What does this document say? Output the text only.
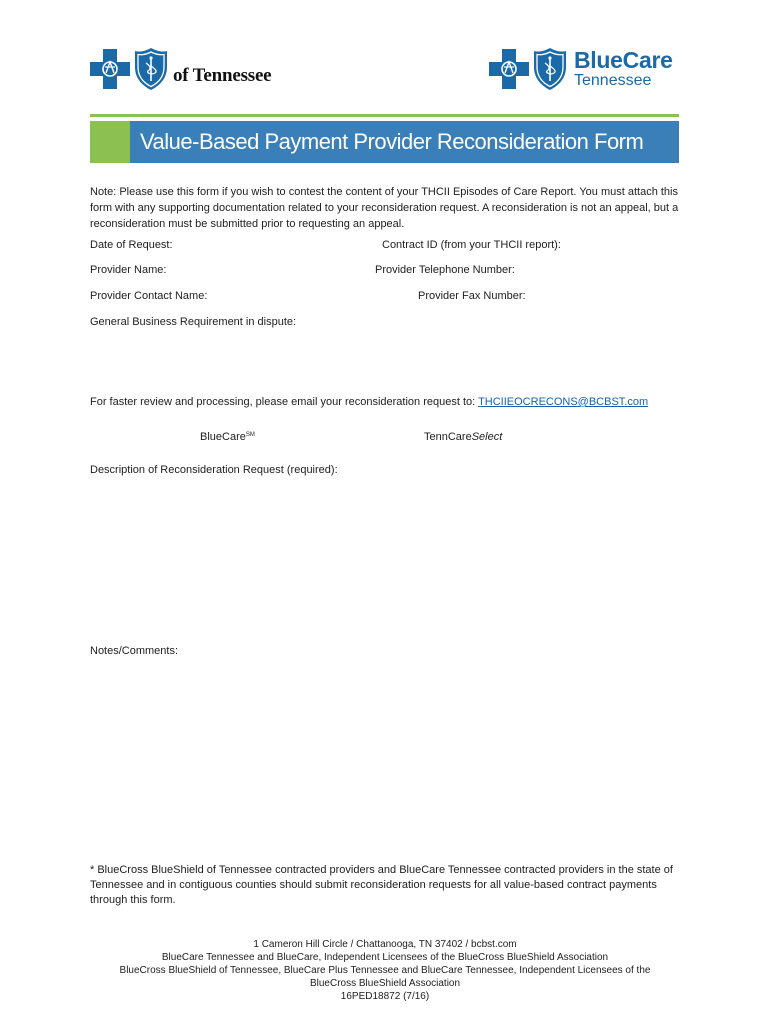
of Tennessee
BlueCare
Tennessee
Value-Based Payment Provider Reconsideration Form
Note: Please use this form if you wish to contest the content of your THCII Episodes of Care Report. You must attach this form with any supporting documentation related to your reconsideration request. A reconsideration is not an appeal, but a reconsideration must be submitted prior to requesting an appeal.
Date of Request:	Contract ID (from your THCII report):
Provider Name:	Provider Telephone Number:
Provider Contact Name:	Provider Fax Number:
General Business Requirement in dispute:
For faster review and processing, please email your reconsideration request to: THCIIEOCRECONS@BCBST.com
BlueCare℠	TennCareSelect
Description of Reconsideration Request (required):
Notes/Comments:
* BlueCross BlueShield of Tennessee contracted providers and BlueCare Tennessee contracted providers in the state of Tennessee and in contiguous counties should submit reconsideration requests for all value-based contract payments through this form.
1 Cameron Hill Circle / Chattanooga, TN 37402 / bcbst.com
BlueCare Tennessee and BlueCare, Independent Licensees of the BlueCross BlueShield Association
BlueCross BlueShield of Tennessee, BlueCare Plus Tennessee and BlueCare Tennessee, Independent Licensees of the
BlueCross BlueShield Association
16PED18872 (7/16)
